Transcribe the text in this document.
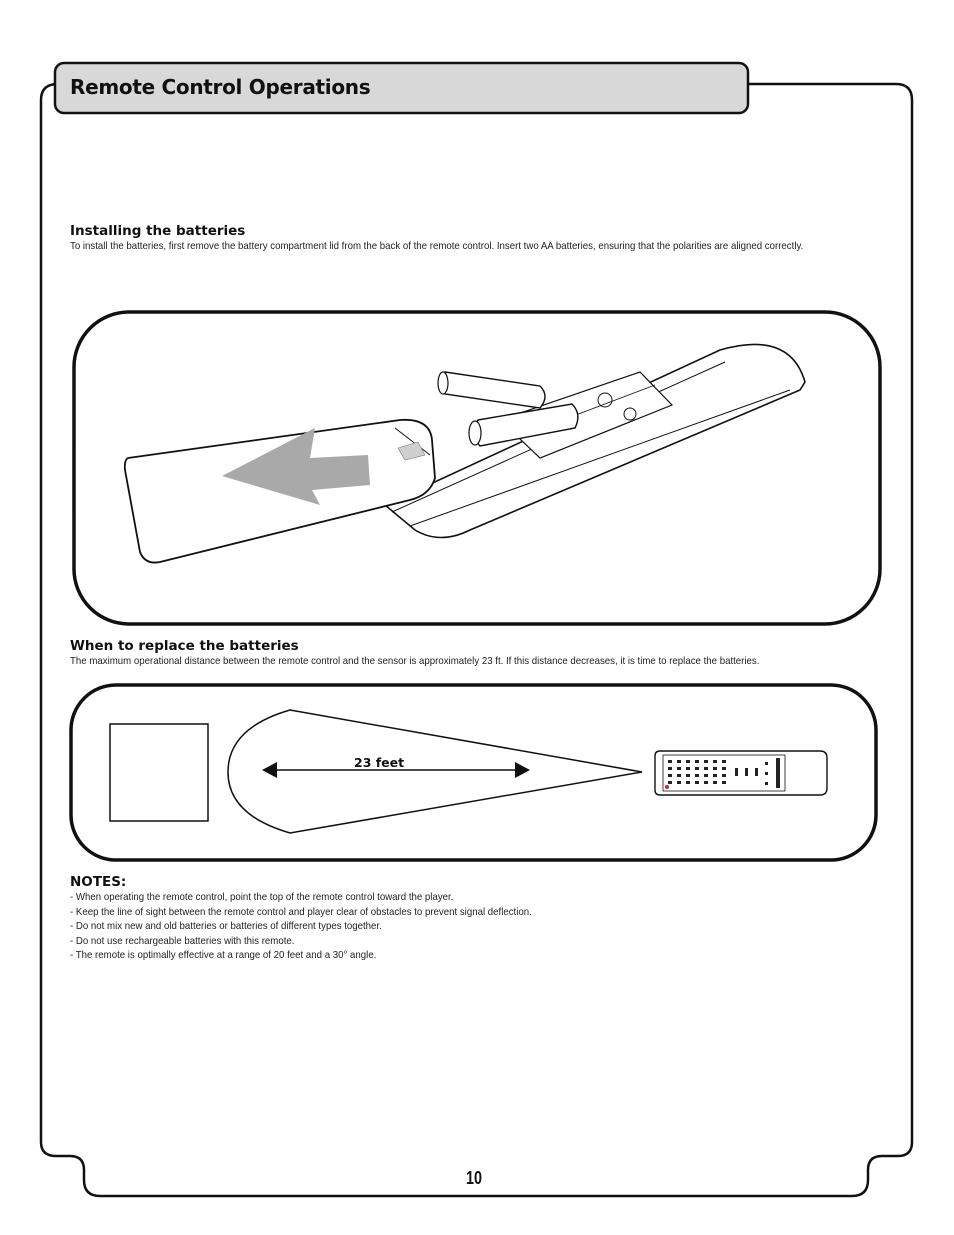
Remote Control Operations
Installing the batteries
To install the batteries, first remove the battery compartment lid from the back of the remote control. Insert two AA batteries, ensuring that the polarities are aligned correctly.
When to replace the batteries
The maximum operational distance between the remote control and the sensor is approximately 23 ft. If this distance decreases, it is time to replace the batteries.
23 feet
NOTES:
- When operating the remote control, point the top of the remote control toward the player.
- Keep the line of sight between the remote control and player clear of obstacles to prevent signal deflection.
- Do not mix new and old batteries or batteries of different types together.
- Do not use rechargeable batteries with this remote.
- The remote is optimally effective at a range of 20 feet and a 30° angle.
10
